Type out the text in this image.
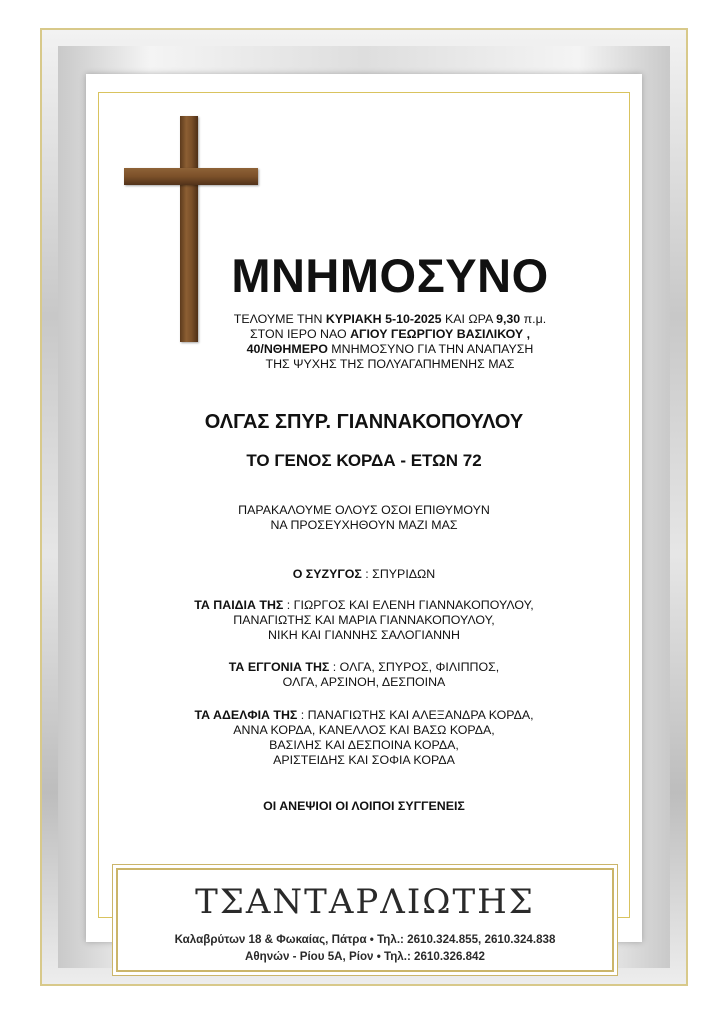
ΜΝΗΜΟΣΥΝΟ

ΤΕΛΟΥΜΕ ΤΗΝ ΚΥΡΙΑΚΗ 5-10-2025 ΚΑΙ ΩΡΑ 9,30 π.μ.
ΣΤΟΝ ΙΕΡΟ ΝΑΟ ΑΓΙΟΥ ΓΕΩΡΓΙΟΥ ΒΑΣΙΛΙΚΟΥ ,
40/ΝΘΗΜΕΡΟ ΜΝΗΜΟΣΥΝΟ ΓΙΑ ΤΗΝ ΑΝΑΠΑΥΣΗ
ΤΗΣ ΨΥΧΗΣ ΤΗΣ ΠΟΛΥΑΓΑΠΗΜΕΝΗΣ ΜΑΣ

ΟΛΓΑΣ ΣΠΥΡ. ΓΙΑΝΝΑΚΟΠΟΥΛΟΥ

ΤΟ ΓΕΝΟΣ ΚΟΡΔΑ - ΕΤΩΝ 72

ΠΑΡΑΚΑΛΟΥΜΕ ΟΛΟΥΣ ΟΣΟΙ ΕΠΙΘΥΜΟΥΝ
ΝΑ ΠΡΟΣΕΥΧΗΘΟΥΝ ΜΑΖΙ ΜΑΣ

Ο ΣΥΖΥΓΟΣ : ΣΠΥΡΙΔΩΝ

ΤΑ ΠΑΙΔΙΑ ΤΗΣ : ΓΙΩΡΓΟΣ ΚΑΙ ΕΛΕΝΗ ΓΙΑΝΝΑΚΟΠΟΥΛΟΥ,
ΠΑΝΑΓΙΩΤΗΣ ΚΑΙ ΜΑΡΙΑ ΓΙΑΝΝΑΚΟΠΟΥΛΟΥ,
ΝΙΚΗ ΚΑΙ ΓΙΑΝΝΗΣ ΣΑΛΟΓΙΑΝΝΗ

ΤΑ ΕΓΓΟΝΙΑ ΤΗΣ : ΟΛΓΑ, ΣΠΥΡΟΣ, ΦΙΛΙΠΠΟΣ,
ΟΛΓΑ, ΑΡΣΙΝΟΗ, ΔΕΣΠΟΙΝΑ

ΤΑ ΑΔΕΛΦΙΑ ΤΗΣ : ΠΑΝΑΓΙΩΤΗΣ ΚΑΙ ΑΛΕΞΑΝΔΡΑ ΚΟΡΔΑ,
ΑΝΝΑ ΚΟΡΔΑ, ΚΑΝΕΛΛΟΣ ΚΑΙ ΒΑΣΩ ΚΟΡΔΑ,
ΒΑΣΙΛΗΣ ΚΑΙ ΔΕΣΠΟΙΝΑ ΚΟΡΔΑ,
ΑΡΙΣΤΕΙΔΗΣ ΚΑΙ ΣΟΦΙΑ ΚΟΡΔΑ

ΟΙ ΑΝΕΨΙΟΙ ΟΙ ΛΟΙΠΟΙ ΣΥΓΓΕΝΕΙΣ

ΤΣΑΝΤΑΡΛΙΩΤΗΣ

Καλαβρύτων 18 & Φωκαίας, Πάτρα • Τηλ.: 2610.324.855, 2610.324.838

Αθηνών - Ρίου 5Α, Ρίον • Τηλ.: 2610.326.842
